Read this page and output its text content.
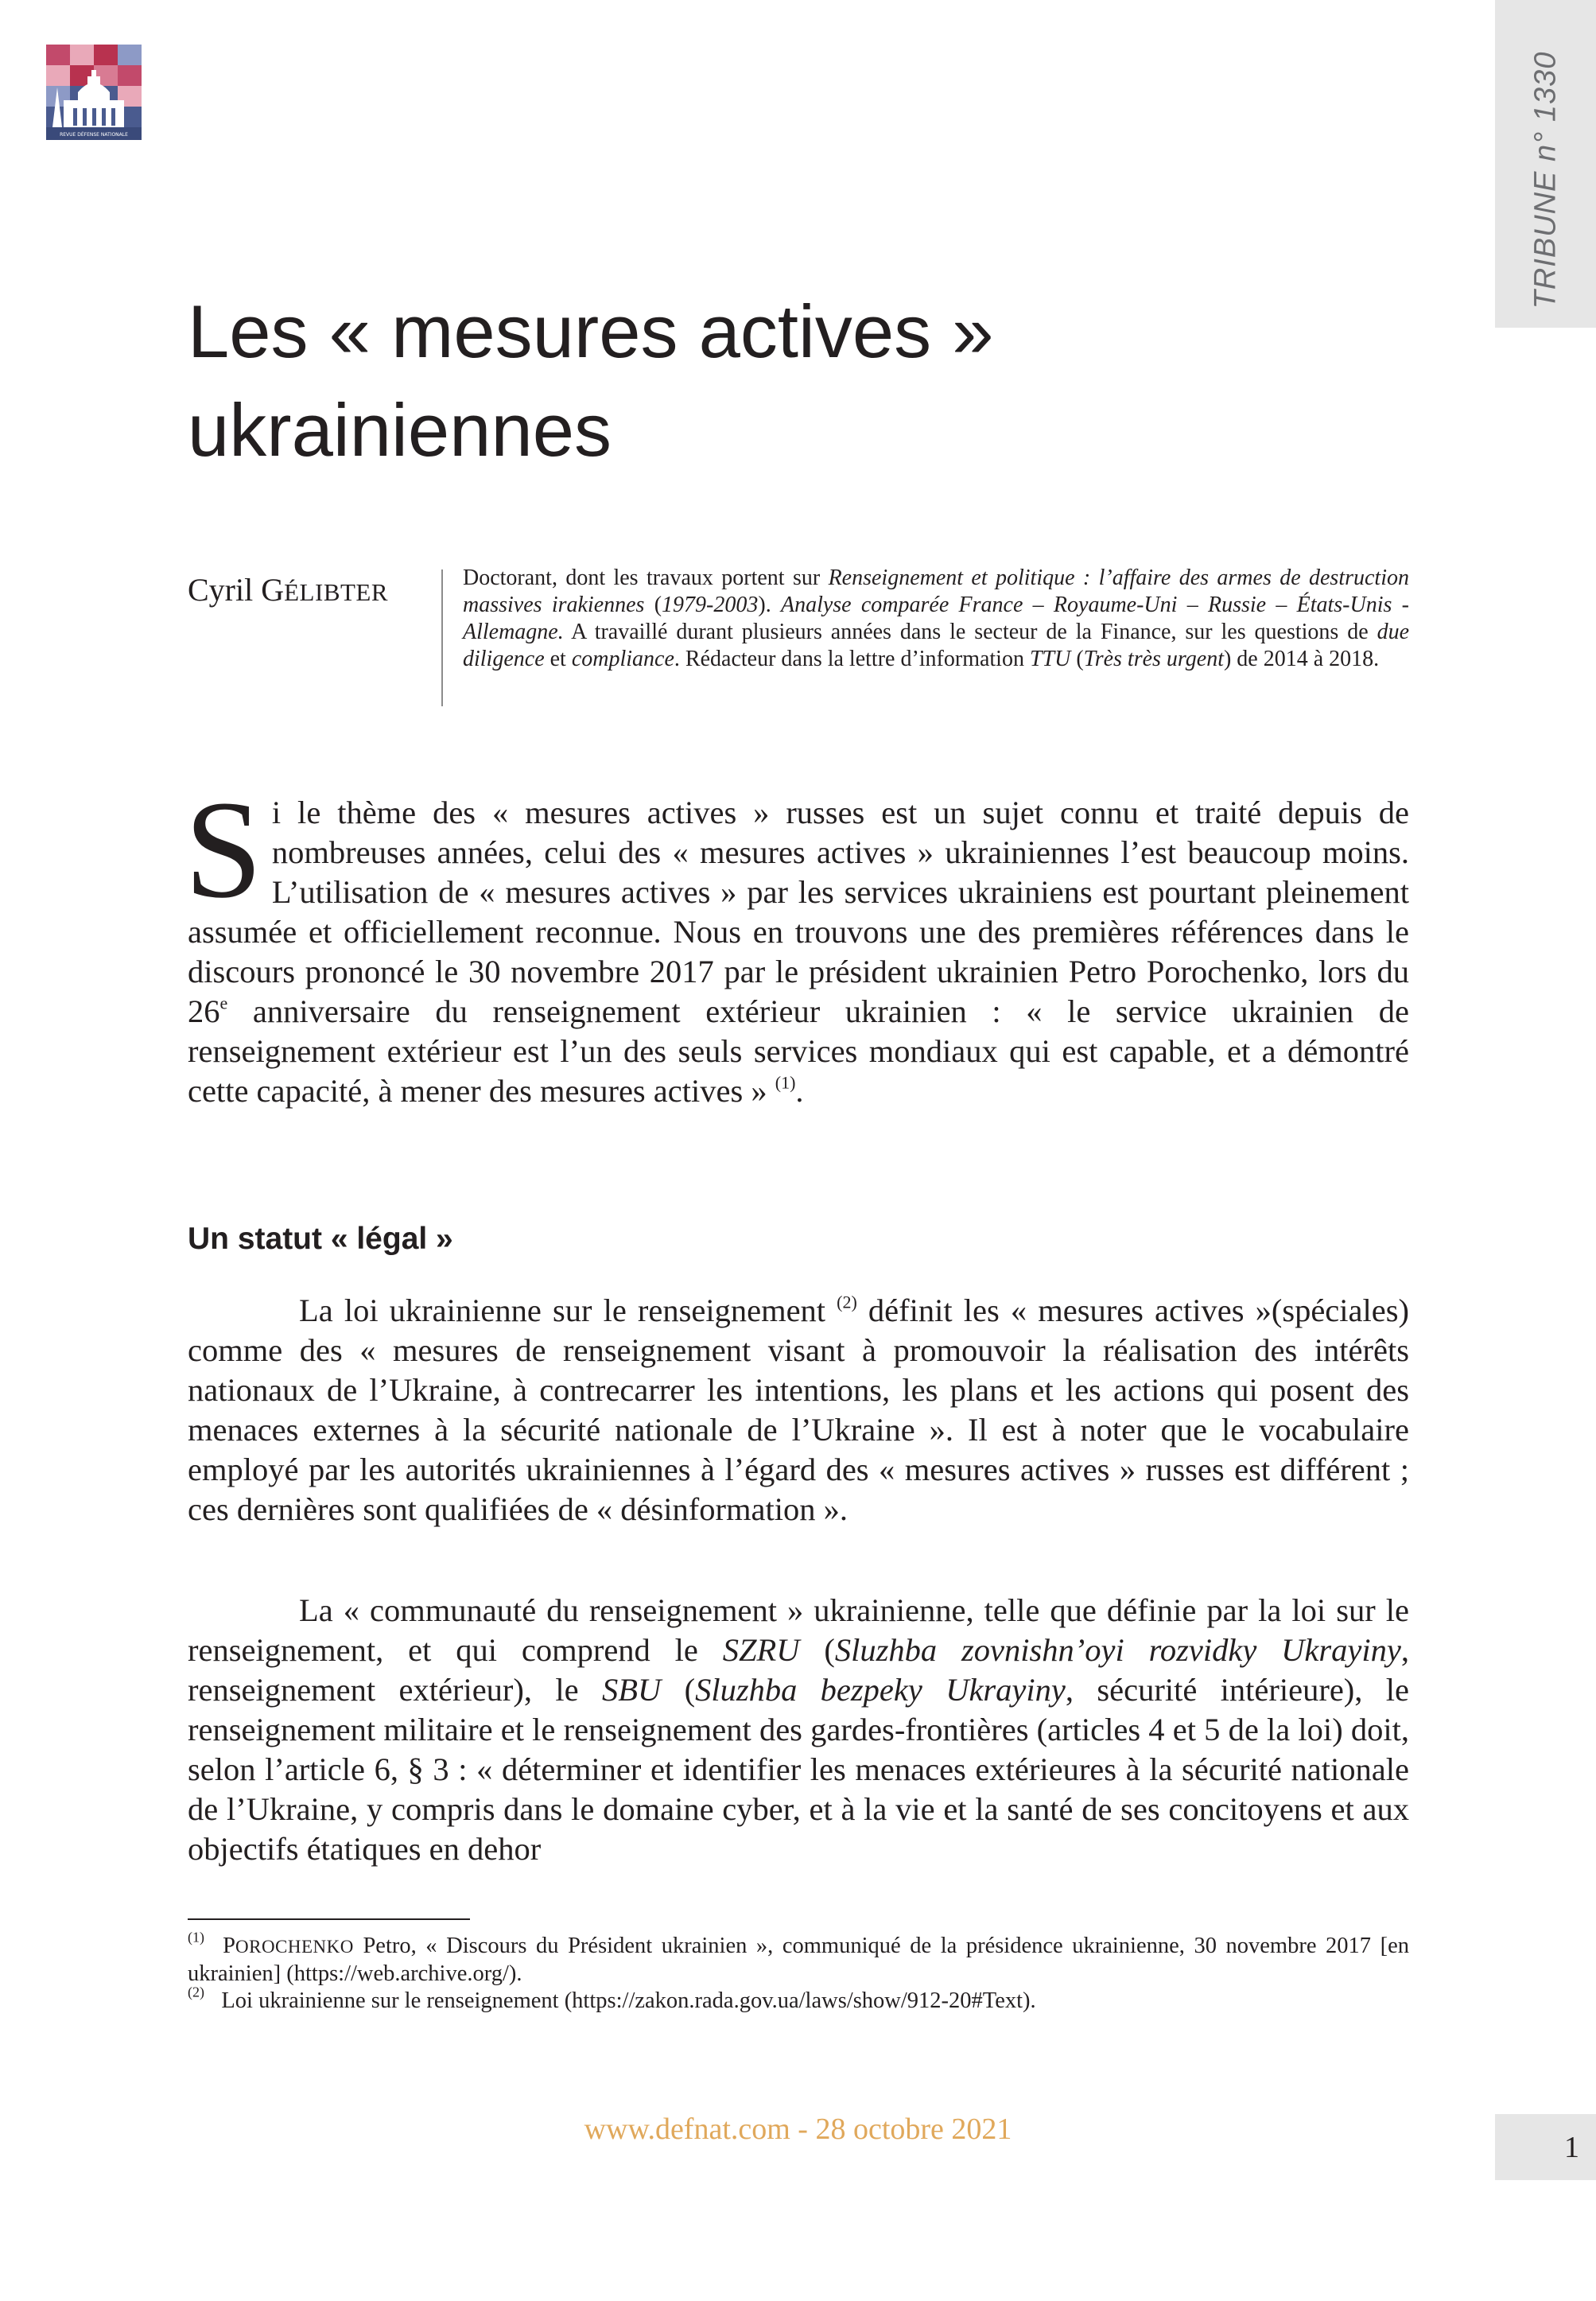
REVUE DÉFENSE NATIONALE	TRIBUNE n° 1330
Les « mesures actives »
ukrainiennes
Cyril GÉLIBTER

Doctorant, dont les travaux portent sur Renseignement et politique : l’affaire des armes de destruction massives irakiennes (1979-2003). Analyse comparée France – Royaume-Uni – Russie – États-Unis - Allemagne. A travaillé durant plusieurs années dans le secteur de la Finance, sur les questions de due diligence et compliance. Rédacteur dans la lettre d’information TTU (Très très urgent) de 2014 à 2018.

Si le thème des « mesures actives » russes est un sujet connu et traité depuis de nombreuses années, celui des « mesures actives » ukrainiennes l’est beaucoup moins. L’utilisation de « mesures actives » par les services ukrainiens est pourtant pleinement assumée et officiellement reconnue. Nous en trouvons une des premières références dans le discours prononcé le 30 novembre 2017 par le président ukrainien Petro Porochenko, lors du 26e anniversaire du renseignement extérieur ukrainien : « le service ukrainien de renseignement extérieur est l’un des seuls services mondiaux qui est capable, et a démontré cette capacité, à mener des mesures actives » $^{(1)}$.

Un statut « légal »

La loi ukrainienne sur le renseignement $^{(2)}$ définit les « mesures actives »(spéciales) comme des « mesures de renseignement visant à promouvoir la réalisation des intérêts nationaux de l’Ukraine, à contrecarrer les intentions, les plans et les actions qui posent des menaces externes à la sécurité nationale de l’Ukraine ». Il est à noter que le vocabulaire employé par les autorités ukrainiennes à l’égard des « mesures actives » russes est différent ; ces dernières sont qualifiées de « désinformation ».

La « communauté du renseignement » ukrainienne, telle que définie par la loi sur le renseignement, et qui comprend le SZRU (Sluzhba zovnishn’oyi rozvidky Ukrayiny, renseignement extérieur), le SBU (Sluzhba bezpeky Ukrayiny, sécurité intérieure), le renseignement militaire et le renseignement des gardes-frontières (articles 4 et 5 de la loi) doit, selon l’article 6, § 3 : « déterminer et identifier les menaces extérieures à la sécurité nationale de l’Ukraine, y compris dans le domaine cyber, et à la vie et la santé de ses concitoyens et aux objectifs étatiques en dehor

$^{(1)}$ POROCHENKO Petro, « Discours du Président ukrainien », communiqué de la présidence ukrainienne, 30 novembre 2017 [en ukrainien] (https://web.archive.org/).

$^{(2)}$ Loi ukrainienne sur le renseignement (https://zakon.rada.gov.ua/laws/show/912-20#Text).

www.defnat.com - 28 octobre 2021
1
